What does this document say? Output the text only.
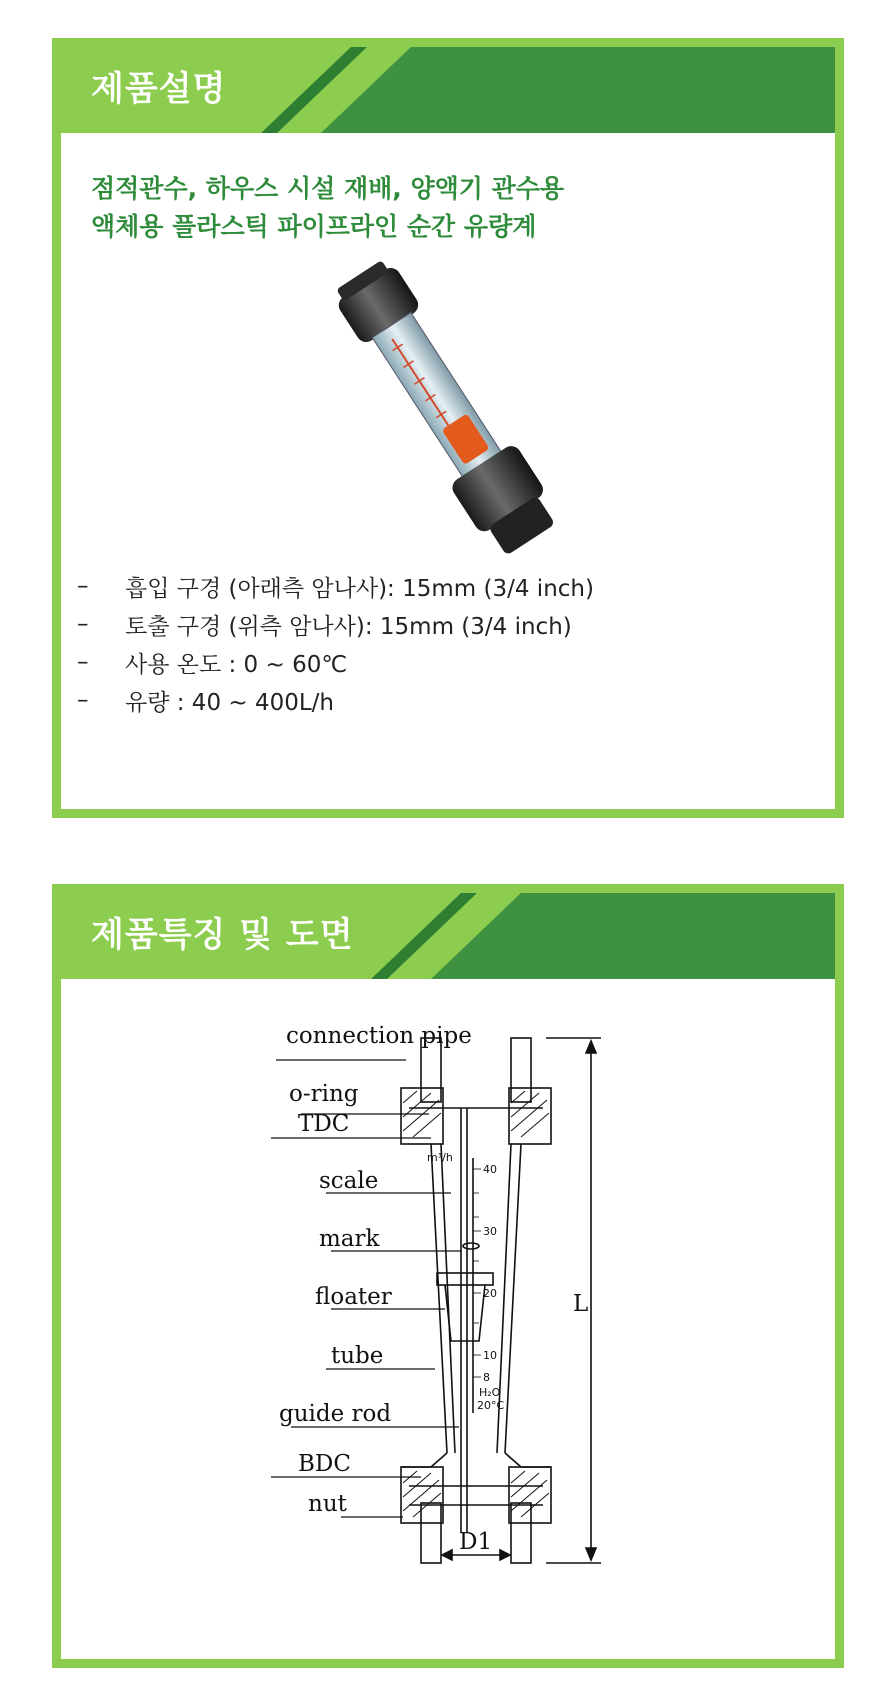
제품설명
점적관수, 하우스 시설 재배, 양액기 관수용
액체용 플라스틱 파이프라인 순간 유량계
–	흡입 구경 (아래측 암나사): 15mm (3/4 inch)
–	토출 구경 (위측 암나사): 15mm (3/4 inch)
–	사용 온도 : 0 ~ 60℃
–	유량 : 40 ~ 400L/h
제품특징 및 도면
connection pipe
o-ring
TDC
scale
mark
floater
tube
guide rod
BDC
nut
m³/h
40
30
20
10
8
H₂O
20°C
L
D1
